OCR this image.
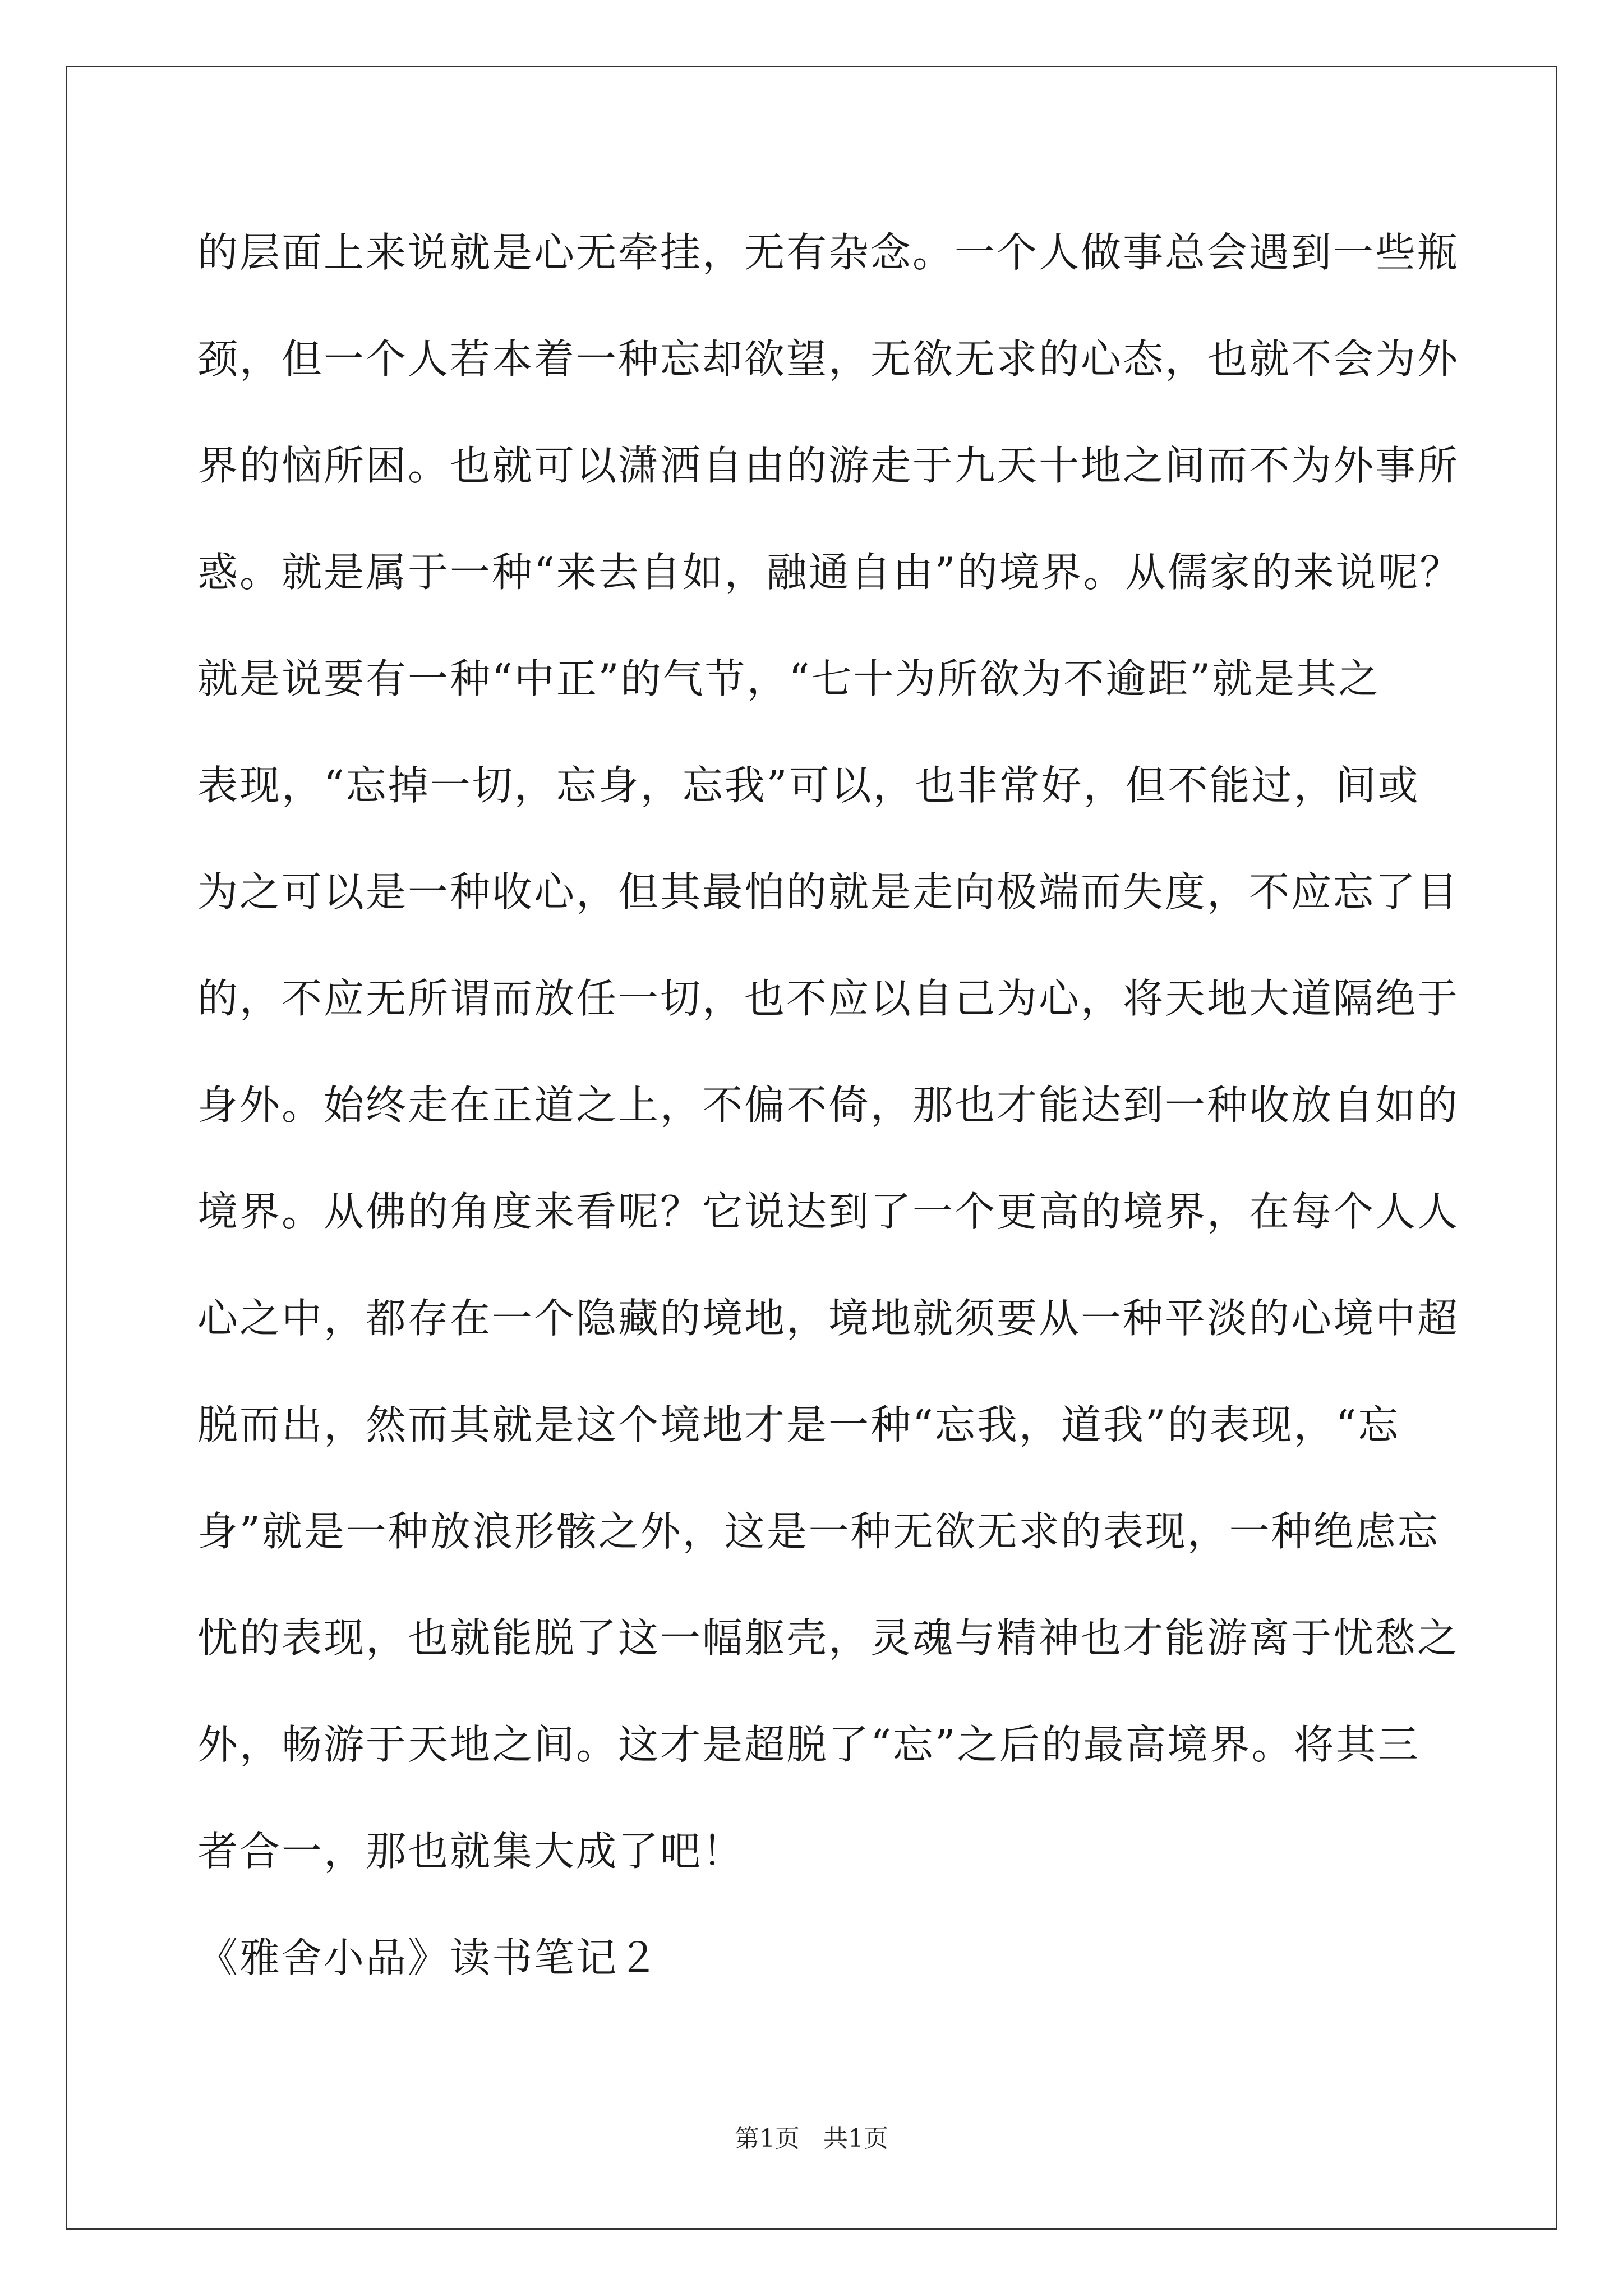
的层面上来说就是心无牵挂，无有杂念。一个人做事总会遇到一些瓶
颈，但一个人若本着一种忘却欲望，无欲无求的心态，也就不会为外
界的恼所困。也就可以潇洒自由的游走于九天十地之间而不为外事所
惑。就是属于一种“来去自如，融通自由”的境界。从儒家的来说呢？
就是说要有一种“中正”的气节，“七十为所欲为不逾距”就是其之
表现，“忘掉一切，忘身，忘我”可以，也非常好，但不能过，间或
为之可以是一种收心，但其最怕的就是走向极端而失度，不应忘了目
的，不应无所谓而放任一切，也不应以自己为心，将天地大道隔绝于
身外。始终走在正道之上，不偏不倚，那也才能达到一种收放自如的
境界。从佛的角度来看呢？它说达到了一个更高的境界，在每个人人
心之中，都存在一个隐藏的境地，境地就须要从一种平淡的心境中超
脱而出，然而其就是这个境地才是一种“忘我，道我”的表现，“忘
身”就是一种放浪形骸之外，这是一种无欲无求的表现，一种绝虑忘
忧的表现，也就能脱了这一幅躯壳，灵魂与精神也才能游离于忧愁之
外，畅游于天地之间。这才是超脱了“忘”之后的最高境界。将其三
者合一，那也就集大成了吧！
《雅舍小品》读书笔记２
第1页   共1页
